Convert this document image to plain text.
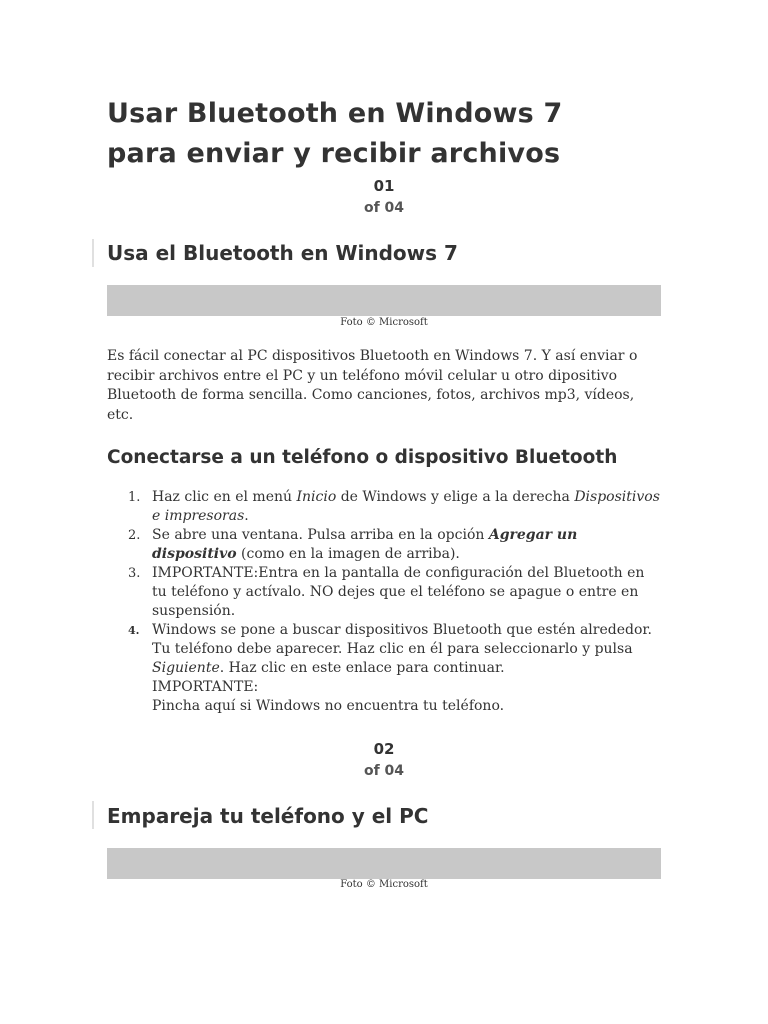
Usar Bluetooth en Windows 7
para enviar y recibir archivos
01
of 04
Usa el Bluetooth en Windows 7
Foto © Microsoft

Es fácil conectar al PC dispositivos Bluetooth en Windows 7. Y así enviar o recibir archivos entre el PC y un teléfono móvil celular u otro dipositivo Bluetooth de forma sencilla. Como canciones, fotos, archivos mp3, vídeos, etc.

Conectarse a un teléfono o dispositivo Bluetooth
1. Haz clic en el menú Inicio de Windows y elige a la derecha Dispositivos e impresoras.
2. Se abre una ventana. Pulsa arriba en la opción Agregar un dispositivo (como en la imagen de arriba).
3. IMPORTANTE:Entra en la pantalla de configuración del Bluetooth en tu teléfono y actívalo. NO dejes que el teléfono se apague o entre en suspensión.
4. Windows se pone a buscar dispositivos Bluetooth que estén alrededor. Tu teléfono debe aparecer. Haz clic en él para seleccionarlo y pulsa Siguiente. Haz clic en este enlace para continuar.
IMPORTANTE:
Pincha aquí si Windows no encuentra tu teléfono.
02
of 04
Empareja tu teléfono y el PC
Foto © Microsoft
